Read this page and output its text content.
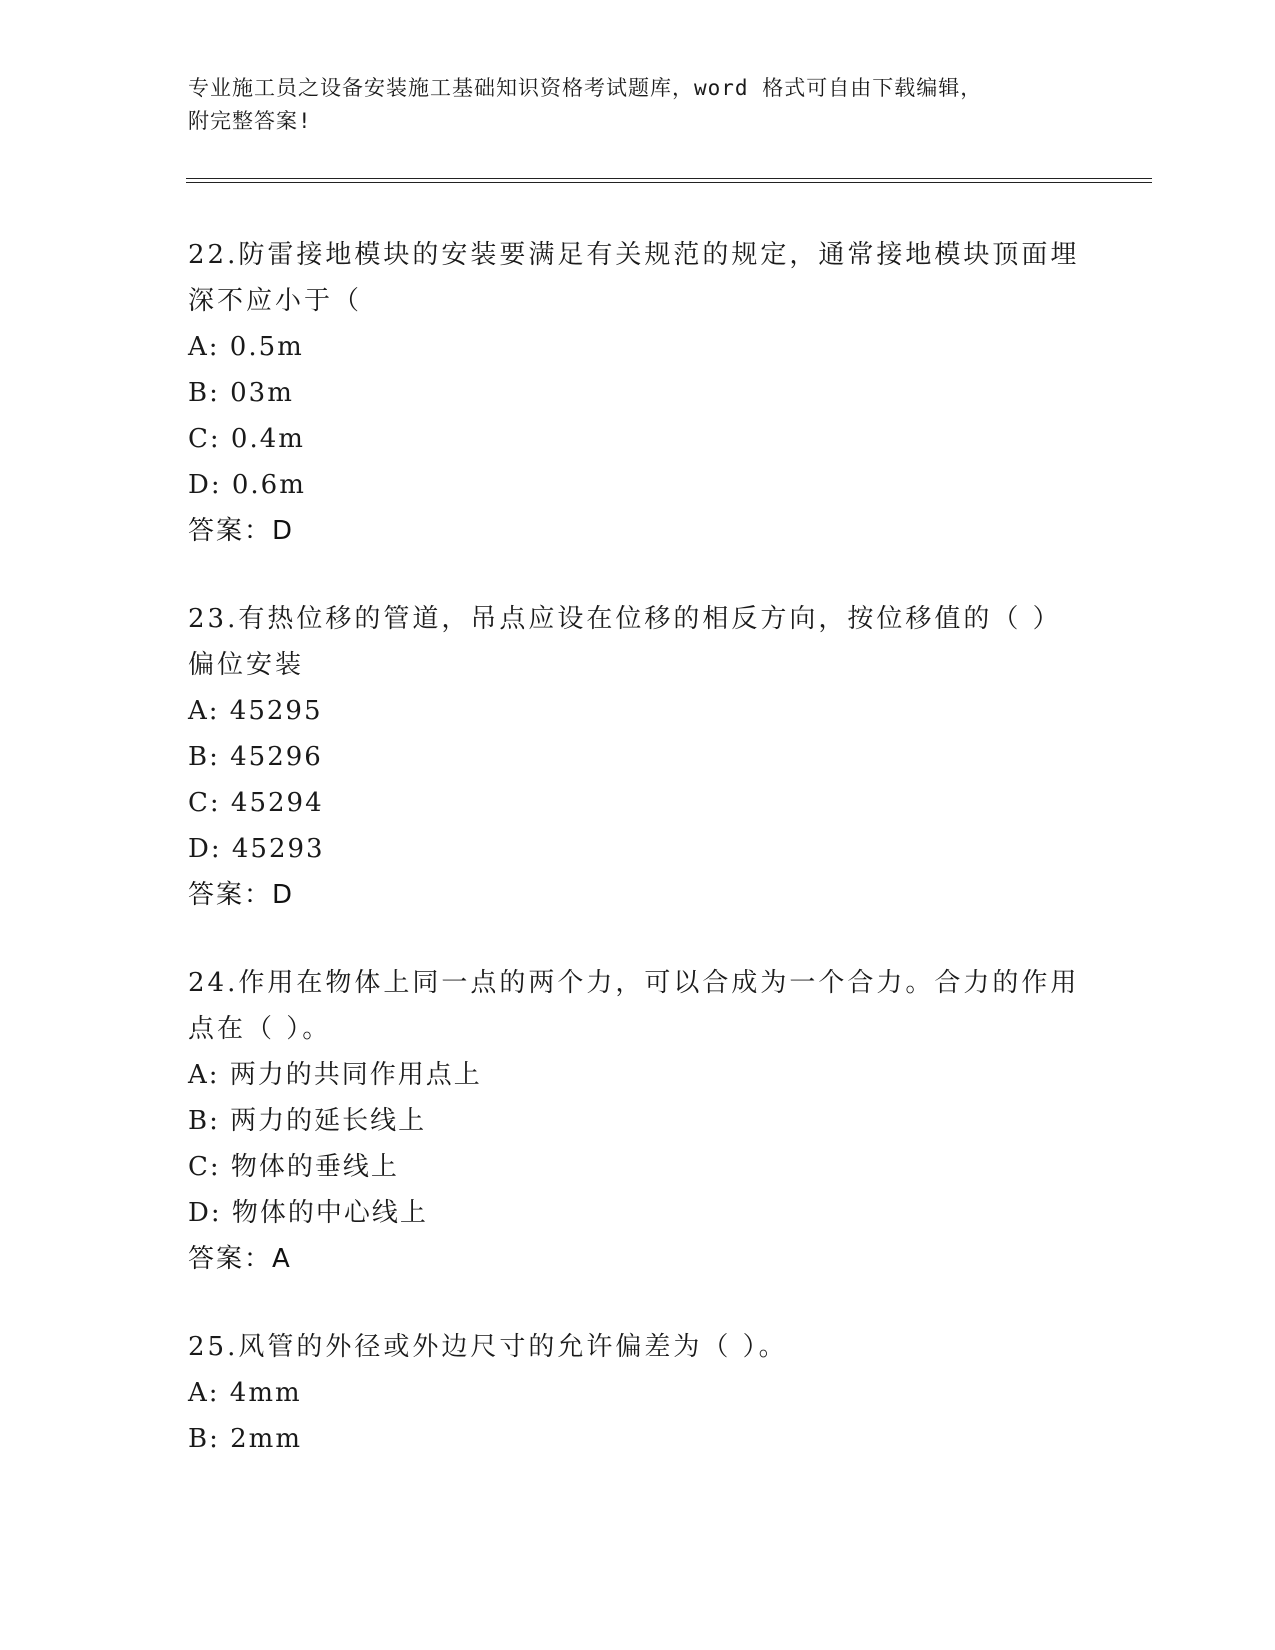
专业施工员之设备安装施工基础知识资格考试题库，word 格式可自由下载编辑，
附完整答案!

22.防雷接地模块的安装要满足有关规范的规定，通常接地模块顶面埋

深不应小于（

A: 0.5m

B: 03m

C: 0.4m

D: 0.6m

答案：D

23.有热位移的管道，吊点应设在位移的相反方向，按位移值的（ ）

偏位安装

A: 45295

B: 45296

C: 45294

D: 45293

答案：D

24.作用在物体上同一点的两个力，可以合成为一个合力。合力的作用

点在（ ）。

A: 两力的共同作用点上

B: 两力的延长线上

C: 物体的垂线上

D: 物体的中心线上

答案：A

25.风管的外径或外边尺寸的允许偏差为（ ）。

A: 4mm

B: 2mm
